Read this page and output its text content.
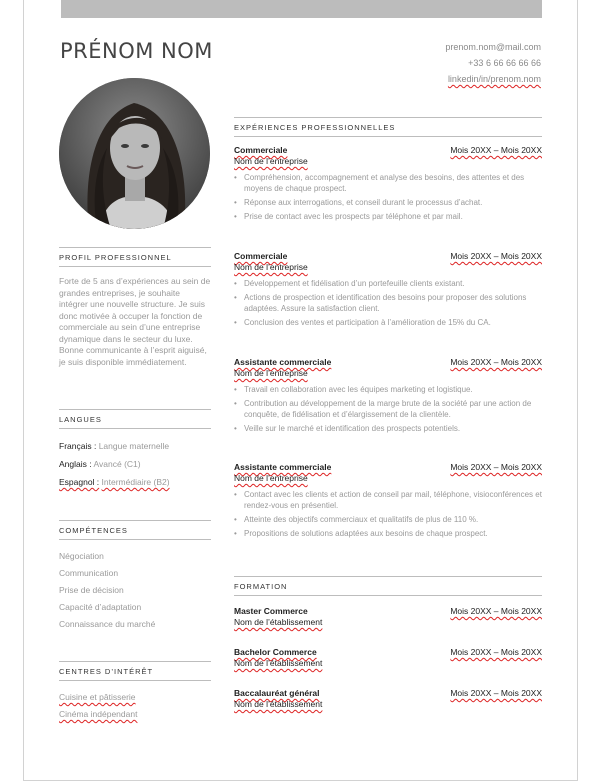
PRÉNOM NOM	prenom.nom@mail.com
+33 6 66 66 66 66
linkedin/in/prenom.nom
PROFIL PROFESSIONNEL
Forte de 5 ans d’expériences au sein de grandes entreprises, je souhaite intégrer une nouvelle structure. Je suis donc motivée à occuper la fonction de commerciale au sein d’une entreprise dynamique dans le secteur du luxe. Bonne communicante à l’esprit aiguisé, je suis disponible immédiatement.
LANGUES
Français : Langue maternelle
Anglais : Avancé (C1)
Espagnol : Intermédiaire (B2)
COMPÉTENCES
Négociation
Communication
Prise de décision
Capacité d’adaptation
Connaissance du marché
CENTRES D’INTÉRÊT
Cuisine et pâtisserie
Cinéma indépendant
EXPÉRIENCES PROFESSIONNELLES
Commerciale	Mois 20XX – Mois 20XX
Nom de l’entreprise
• Compréhension, accompagnement et analyse des besoins, des attentes et des moyens de chaque prospect.
• Réponse aux interrogations, et conseil durant le processus d’achat.
• Prise de contact avec les prospects par téléphone et par mail.
Commerciale	Mois 20XX – Mois 20XX
Nom de l’entreprise
• Développement et fidélisation d’un portefeuille clients existant.
• Actions de prospection et identification des besoins pour proposer des solutions adaptées. Assure la satisfaction client.
• Conclusion des ventes et participation à l’amélioration de 15% du CA.
Assistante commerciale	Mois 20XX – Mois 20XX
Nom de l’entreprise
• Travail en collaboration avec les équipes marketing et logistique.
• Contribution au développement de la marge brute de la société par une action de conquête, de fidélisation et d’élargissement de la clientèle.
• Veille sur le marché et identification des prospects potentiels.
Assistante commerciale	Mois 20XX – Mois 20XX
Nom de l’entreprise
• Contact avec les clients et action de conseil par mail, téléphone, visioconférences et rendez-vous en présentiel.
• Atteinte des objectifs commerciaux et qualitatifs de plus de 110 %.
• Propositions de solutions adaptées aux besoins de chaque prospect.
FORMATION
Master Commerce	Mois 20XX – Mois 20XX
Nom de l’établissement
Bachelor Commerce	Mois 20XX – Mois 20XX
Nom de l’établissement
Baccalauréat général	Mois 20XX – Mois 20XX
Nom de l’établissement
